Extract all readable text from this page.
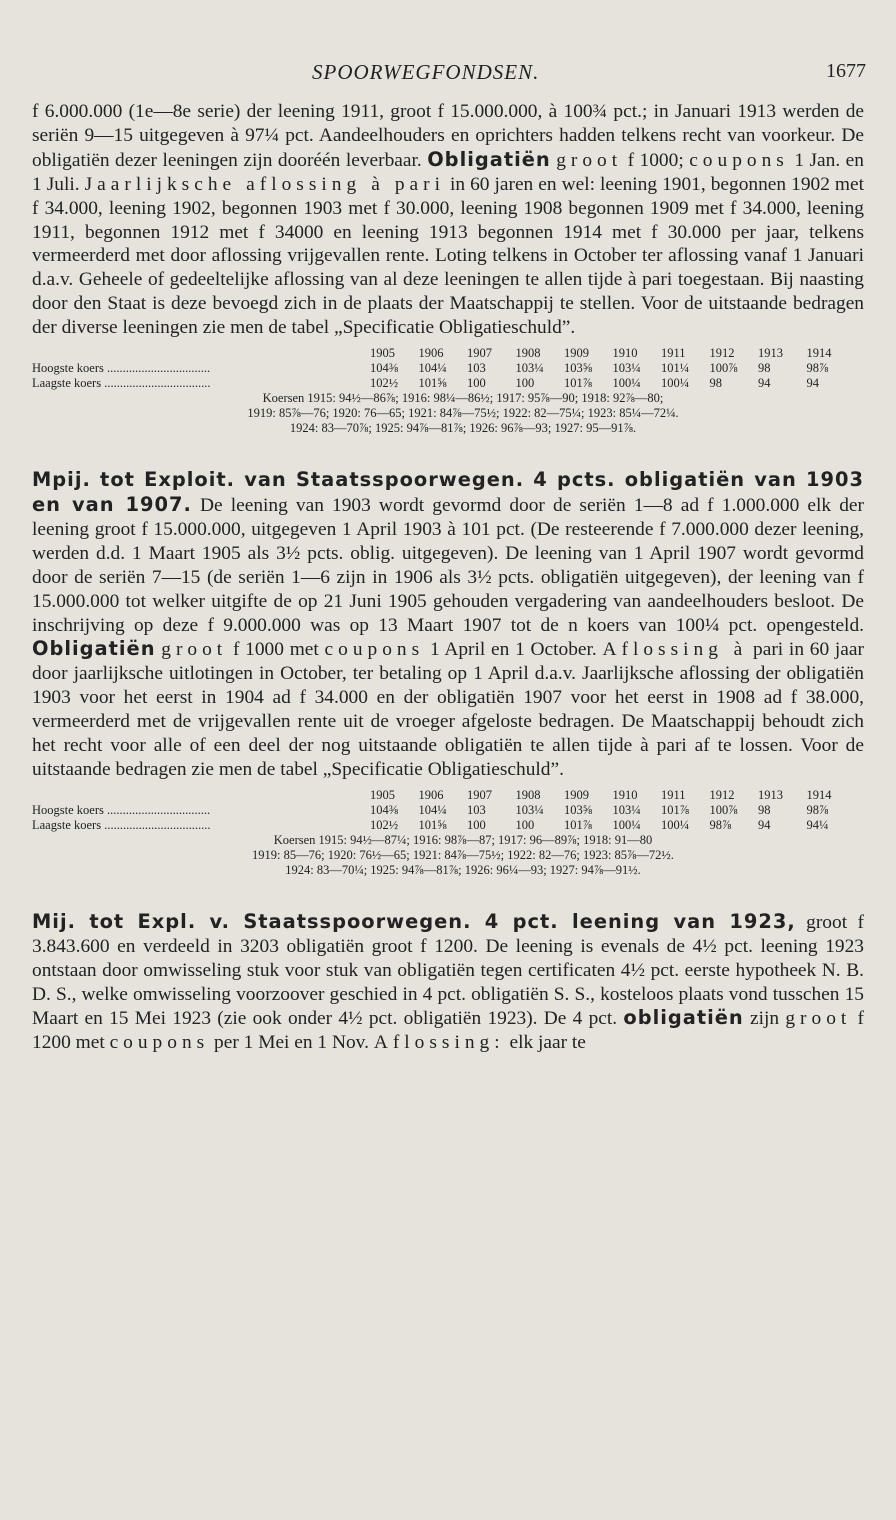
SPOORWEGFONDSEN.	1677

f 6.000.000 (1e—8e serie) der leening 1911, groot f 15.000.000, à 100¾ pct.; in Januari 1913 werden de seriën 9—15 uitgegeven à 97¼ pct. Aandeelhouders en oprichters hadden telkens recht van voorkeur. De obligatiën dezer leeningen zijn dooréén leverbaar. Obligatiën groot f 1000; coupons 1 Jan. en 1 Juli. Jaarlijksche aflossing à pari in 60 jaren en wel: leening 1901, begonnen 1902 met f 34.000, leening 1902, begonnen 1903 met f 30.000, leening 1908 begonnen 1909 met f 34.000, leening 1911, begonnen 1912 met f 34000 en leening 1913 begonnen 1914 met f 30.000 per jaar, telkens vermeerderd met door aflossing vrijgevallen rente. Loting telkens in October ter aflossing vanaf 1 Januari d.a.v. Geheele of gedeeltelijke aflossing van al deze leeningen te allen tijde à pari toegestaan. Bij naasting door den Staat is deze bevoegd zich in de plaats der Maatschappij te stellen. Voor de uitstaande bedragen der diverse leeningen zie men de tabel „Specificatie Obligatieschuld”.

1905	1906	1907	1908	1909	1910	1911	1912	1913	1914
Hoogste koers .................................	104⅜	104¼	103	103¼	103⅝	103¼	101¼	100⅞	98	98⅞
Laagste koers ..................................	102½	101⅝	100	100	101⅞	100¼	100¼	98	94	94
Koersen 1915: 94½—86⅞; 1916: 98¼—86½; 1917: 95⅞—90; 1918: 92⅞—80;
1919: 85⅞—76; 1920: 76—65; 1921: 84⅞—75½; 1922: 82—75¼; 1923: 85¼—72¼.
1924: 83—70⅞; 1925: 94⅞—81⅞; 1926: 96⅞—93; 1927: 95—91⅞.

Mpij. tot Exploit. van Staatsspoorwegen. 4 pcts. obligatiën van 1903 en van 1907. De leening van 1903 wordt gevormd door de seriën 1—8 ad f 1.000.000 elk der leening groot f 15.000.000, uitgegeven 1 April 1903 à 101 pct. (De resteerende f 7.000.000 dezer leening, werden d.d. 1 Maart 1905 als 3½ pcts. oblig. uitgegeven). De leening van 1 April 1907 wordt gevormd door de seriën 7—15 (de seriën 1—6 zijn in 1906 als 3½ pcts. obligatiën uitgegeven), der leening van f 15.000.000 tot welker uitgifte de op 21 Juni 1905 gehouden vergadering van aandeelhouders besloot. De inschrijving op deze f 9.000.000 was op 13 Maart 1907 tot de n koers van 100¼ pct. opengesteld. Obligatiën groot f 1000 met coupons 1 April en 1 October. Aflossing à pari in 60 jaar door jaarlijksche uitlotingen in October, ter betaling op 1 April d.a.v. Jaarlijksche aflossing der obligatiën 1903 voor het eerst in 1904 ad f 34.000 en der obligatiën 1907 voor het eerst in 1908 ad f 38.000, vermeerderd met de vrijgevallen rente uit de vroeger afgeloste bedragen. De Maatschappij behoudt zich het recht voor alle of een deel der nog uitstaande obligatiën te allen tijde à pari af te lossen. Voor de uitstaande bedragen zie men de tabel „Specificatie Obligatieschuld”.

1905	1906	1907	1908	1909	1910	1911	1912	1913	1914
Hoogste koers .................................	104⅜	104¼	103	103¼	103⅝	103¼	101⅞	100⅞	98	98⅞
Laagste koers ..................................	102½	101⅝	100	100	101⅞	100¼	100¼	98⅞	94	94¼
Koersen 1915: 94½—87¼; 1916: 98⅞—87; 1917: 96—89⅞; 1918: 91—80
1919: 85—76; 1920: 76½—65; 1921: 84⅞—75½; 1922: 82—76; 1923: 85⅞—72½.
1924: 83—70¼; 1925: 94⅞—81⅞; 1926: 96¼—93; 1927: 94⅞—91½.

Mij. tot Expl. v. Staatsspoorwegen. 4 pct. leening van 1923, groot f 3.843.600 en verdeeld in 3203 obligatiën groot f 1200. De leening is evenals de 4½ pct. leening 1923 ontstaan door omwisseling stuk voor stuk van obligatiën tegen certificaten 4½ pct. eerste hypotheek N. B. D. S., welke omwisseling voorzoover geschied in 4 pct. obligatiën S. S., kosteloos plaats vond tusschen 15 Maart en 15 Mei 1923 (zie ook onder 4½ pct. obligatiën 1923). De 4 pct. obligatiën zijn groot f 1200 met coupons per 1 Mei en 1 Nov. Aflossing: elk jaar te
